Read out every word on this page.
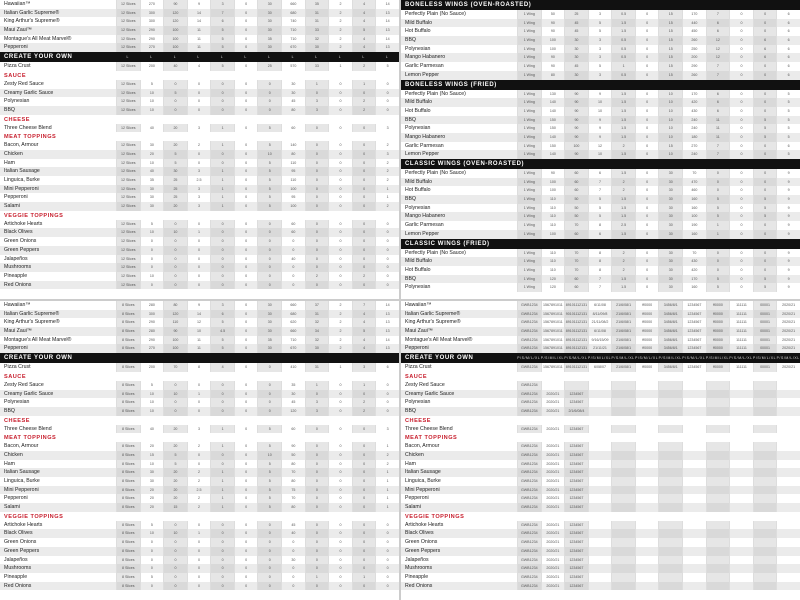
Hawaiian™	12 Slices	270	90	9	3	0	30	660	35	2	4	14
Italian Garlic Supreme®	12 Slices	300	120	14	7	0	30	680	31	2	4	13
King Arthur's Supreme®	12 Slices	300	120	14	6	0	30	740	31	2	4	14
Maui Zaui™	12 Slices	290	100	11	5	0	30	710	33	2	5	13
Montague's All Meat Marvel®	12 Slices	290	100	11	5	0	35	710	32	2	4	14
Pepperoni	12 Slices	270	100	11	5	0	30	670	30	2	4	13
CREATE YOUR OWN	L	L	L	L	L	L	L	L	L	L	L	L
Pizza Crust	12 Slices	200	40	4	5	0	25	570	33	1	2	5
SAUCE
Zesty Red Sauce	12 Slices	5	0	0	0	0	0	30	1	0	1	0
Creamy Garlic Sauce	12 Slices	10	5	0	0	0	0	30	0	0	0	0
Polynesian	12 Slices	10	0	0	0	0	0	45	3	0	2	0
BBQ	12 Slices	10	0	0	0	0	0	80	3	0	2	0
CHEESE
Three Cheese Blend	12 Slices	40	20	3	1	0	5	60	0	0	0	3
MEAT TOPPINGS
Bacon, Armour	12 Slices	30	20	2	1	0	5	140	0	0	0	2
Chicken	12 Slices	20	5	0	0	0	10	80	0	0	0	3
Ham	12 Slices	10	5	0	0	0	5	110	0	0	0	2
Italian Sausage	12 Slices	40	30	3	1	0	5	95	0	0	0	2
Linguica, Burke	12 Slices	35	25	2.5	1	0	5	110	0	0	0	2
Mini Pepperoni	12 Slices	30	25	3	1	0	5	100	0	0	0	1
Pepperoni	12 Slices	30	25	3	1	0	5	95	0	0	0	1
Salami	12 Slices	30	20	3	1	0	5	100	0	0	0	2
VEGGIE TOPPINGS
Artichoke Hearts	12 Slices	5	0	0	0	0	0	60	0	0	0	0
Black Olives	12 Slices	10	10	1	0	0	0	60	0	0	0	0
Green Onions	12 Slices	0	0	0	0	0	0	0	0	0	0	0
Green Peppers	12 Slices	0	0	0	0	0	0	0	0	0	0	0
Jalapeños	12 Slices	0	0	0	0	0	0	40	0	0	0	0
Mushrooms	12 Slices	0	0	0	0	0	0	0	0	0	0	0
Pineapple	12 Slices	10	0	0	0	0	0	0	2	0	2	0
Red Onions	12 Slices	0	0	0	0	0	0	0	0	0	0	0
BONELESS WINGS (OVEN-ROASTED)
Perfectly Plain (No Sauce)	1 Wing	50	25	3	0.5	0	15	170	7	0	0	6
Mild Buffalo	1 Wing	90	45	5	1.5	0	15	440	6	0	0	6
Hot Buffalo	1 Wing	90	45	5	1.5	0	15	450	6	0	0	6
BBQ	1 Wing	100	30	3	0.5	0	15	260	12	0	6	6
Polynesian	1 Wing	100	30	3	0.5	0	15	250	12	0	6	6
Mango Habanero	1 Wing	90	30	3	0.5	0	15	200	12	0	6	6
Garlic Parmesan	1 Wing	90	45	5	1	0	15	290	7	0	0	6
Lemon Pepper	1 Wing	80	30	3	0.5	0	15	260	7	0	0	6
BONELESS WINGS (FRIED)
Perfectly Plain (No Sauce)	1 Wing	130	90	9	1.5	0	10	170	6	0	0	5
Mild Buffalo	1 Wing	140	90	10	1.5	0	10	420	6	0	0	5
Hot Buffalo	1 Wing	140	90	10	1.5	0	10	430	6	0	0	5
BBQ	1 Wing	150	90	9	1.5	0	10	240	11	0	5	5
Polynesian	1 Wing	150	90	9	1.5	0	10	240	11	0	5	5
Mango Habanero	1 Wing	140	90	9	1.5	0	10	180	11	0	5	5
Garlic Parmesan	1 Wing	150	100	12	2	0	15	270	7	0	0	6
Lemon Pepper	1 Wing	140	90	10	1.5	0	10	240	7	0	0	5
CLASSIC WINGS (OVEN-ROASTED)
Perfectly Plain (No Sauce)	1 Wing	90	60	6	1.5	0	30	70	0	0	0	9
Mild Buffalo	1 Wing	100	60	7	2	0	30	470	0	0	0	9
Hot Buffalo	1 Wing	100	60	7	2	0	30	460	0	0	0	9
BBQ	1 Wing	110	50	5	1.5	0	30	160	5	0	5	9
Polynesian	1 Wing	110	50	5	1.5	0	30	160	5	0	5	9
Mango Habanero	1 Wing	110	50	5	1.5	0	30	100	5	0	5	9
Garlic Parmesan	1 Wing	110	70	8	2.5	0	30	190	1	0	0	9
Lemon Pepper	1 Wing	100	60	6	1.5	0	30	160	1	0	0	9
CLASSIC WINGS (FRIED)
Perfectly Plain (No Sauce)	1 Wing	110	70	8	2	0	30	70	0	0	0	9
Mild Buffalo	1 Wing	110	70	8	2	0	30	430	0	0	0	9
Hot Buffalo	1 Wing	110	70	8	2	0	30	420	0	0	0	9
BBQ	1 Wing	120	60	7	1.5	0	30	170	5	0	5	9
Polynesian	1 Wing	120	60	7	1.5	0	30	160	5	0	5	9
Hawaiian™	8 Slices	280	80	9	3	0	30	660	37	2	7	14
Italian Garlic Supreme®	8 Slices	300	120	14	6	0	30	680	31	2	4	13
King Arthur's Supreme®	8 Slices	290	110	12	5	0	30	620	32	2	4	13
Maui Zaui™	8 Slices	280	90	10	4.5	0	30	660	34	2	5	13
Montague's All Meat Marvel®	8 Slices	290	100	11	5	0	35	710	32	2	4	14
Pepperoni	8 Slices	270	100	11	5	0	30	670	30	2	4	13
CREATE YOUR OWN
Pizza Crust	8 Slices	200	70	8	4	0	0	410	31	1	3	6
SAUCE
Zesty Red Sauce	8 Slices	5	0	0	0	0	0	35	1	0	1	0
Creamy Garlic Sauce	8 Slices	10	10	1	0	0	0	30	0	0	0	0
Polynesian	8 Slices	10	0	0	0	0	0	45	3	0	2	0
BBQ	8 Slices	10	0	0	0	0	0	120	3	0	2	0
CHEESE
Three Cheese Blend	8 Slices	40	20	3	1	0	5	60	0	0	0	3
MEAT TOPPINGS
Bacon, Armour	8 Slices	20	20	2	1	0	5	90	0	0	0	1
Chicken	8 Slices	15	5	0	0	0	10	50	0	0	0	2
Ham	8 Slices	10	5	0	0	0	5	80	0	0	0	2
Italian Sausage	8 Slices	30	20	2	1	0	5	70	0	0	0	1
Linguica, Burke	8 Slices	30	20	2	1	0	5	80	0	0	0	1
Mini Pepperoni	8 Slices	20	20	2.5	1	0	5	75	0	0	0	1
Pepperoni	8 Slices	20	20	2	1	0	5	70	0	0	0	1
Salami	8 Slices	20	15	2	1	0	5	80	0	0	0	1
VEGGIE TOPPINGS
Artichoke Hearts	8 Slices	5	0	0	0	0	0	45	0	0	0	0
Black Olives	8 Slices	10	10	1	0	0	0	40	0	0	0	0
Green Onions	8 Slices	0	0	0	0	0	0	0	0	0	0	0
Green Peppers	8 Slices	0	0	0	0	0	0	0	0	0	0	0
Jalapeños	8 Slices	0	0	0	0	0	0	30	0	0	0	0
Mushrooms	8 Slices	0	0	0	0	0	0	0	0	0	0	0
Pineapple	8 Slices	5	0	0	0	0	0	0	1	0	1	0
Red Onions	8 Slices	0	0	0	0	0	0	0	0	0	0	0
Hawaiian™	GWB1234	1567891011 89101112131	6/11/08	21/6/08/1	ff0000	3456/8/1	1234567	ff0000	111111	00001	2020/21
Italian Garlic Supreme®	GWB1234	1567891011 90101112131	8/11/09/8	21/6/08/1	ff0000	3456/8/1	1234567	ff0000	111111	00001	2020/21
King Arthur's Supreme®	GWB1234	1567891011 89101112131	21/11/08/2	21/6/08/1	ff0000	3456/8/1	1234567	ff0000	111111	00001	2020/21
Maui Zaui™	GWB1234	1567891011 89101112131	6/11/08	21/6/08/1	ff0000	3456/8/1	1234567	ff0000	111111	00001	2020/21
Montague's All Meat Marvel®	GWB1234	1567891011 89101112131	9/16/15/09	21/6/08/1	ff0000	3456/8/1	1234567	ff0000	111111	00001	2020/21
Pepperoni	GWB1234	1567891011 89101112131	21/11/21	21/6/08/1	ff0000	3456/8/1	1234567	ff0000	111111	00001	2020/21
CREATE YOUR OWN	P/S/M/L/XL P/S/M/L/XL P/S/M/L/XL P/S/M/L/XL P/S/M/L/XL P/S/M/L/XL P/S/M/L/XL P/S/M/L/XL P/S/M/L/XL P/S/M/L/XL P/S/M/L/XL P/S/M/L/XL
Pizza Crust	GWB1234	1567891011 89101112131	6/08/07	21/6/08/1	ff0000	3456/8/1	1234567	ff0000	111111	00001	2020/21
SAUCE
Zesty Red Sauce	GWB1234
Creamy Garlic Sauce	GWB1234	2020/21	1234567
Polynesian	GWB1234	2020/21	1234567
BBQ	GWB1234	2020/21	2/1/6/08/4
CHEESE
Three Cheese Blend	GWB1234	2020/21	1234567
MEAT TOPPINGS
Bacon, Armour	GWB1234	2020/21	1234567
Chicken	GWB1234	2020/21	1234567
Ham	GWB1234	2020/21	1234567
Italian Sausage	GWB1234	2020/21	1234567
Linguica, Burke	GWB1234	2020/21	1234567
Mini Pepperoni	GWB1234	2020/21	1234567
Pepperoni	GWB1234	2020/21	1234567
Salami	GWB1234	2020/21	1234567
VEGGIE TOPPINGS
Artichoke Hearts	GWB1234	2020/21	1234567
Black Olives	GWB1234	2020/21	1234567
Green Onions	GWB1234	2020/21	1234567
Green Peppers	GWB1234	2020/21	1234567
Jalapeños	GWB1234	2020/21	1234567
Mushrooms	GWB1234	2020/21	1234567
Pineapple	GWB1234	2020/21	1234567
Red Onions	GWB1234	2020/21	1234567
